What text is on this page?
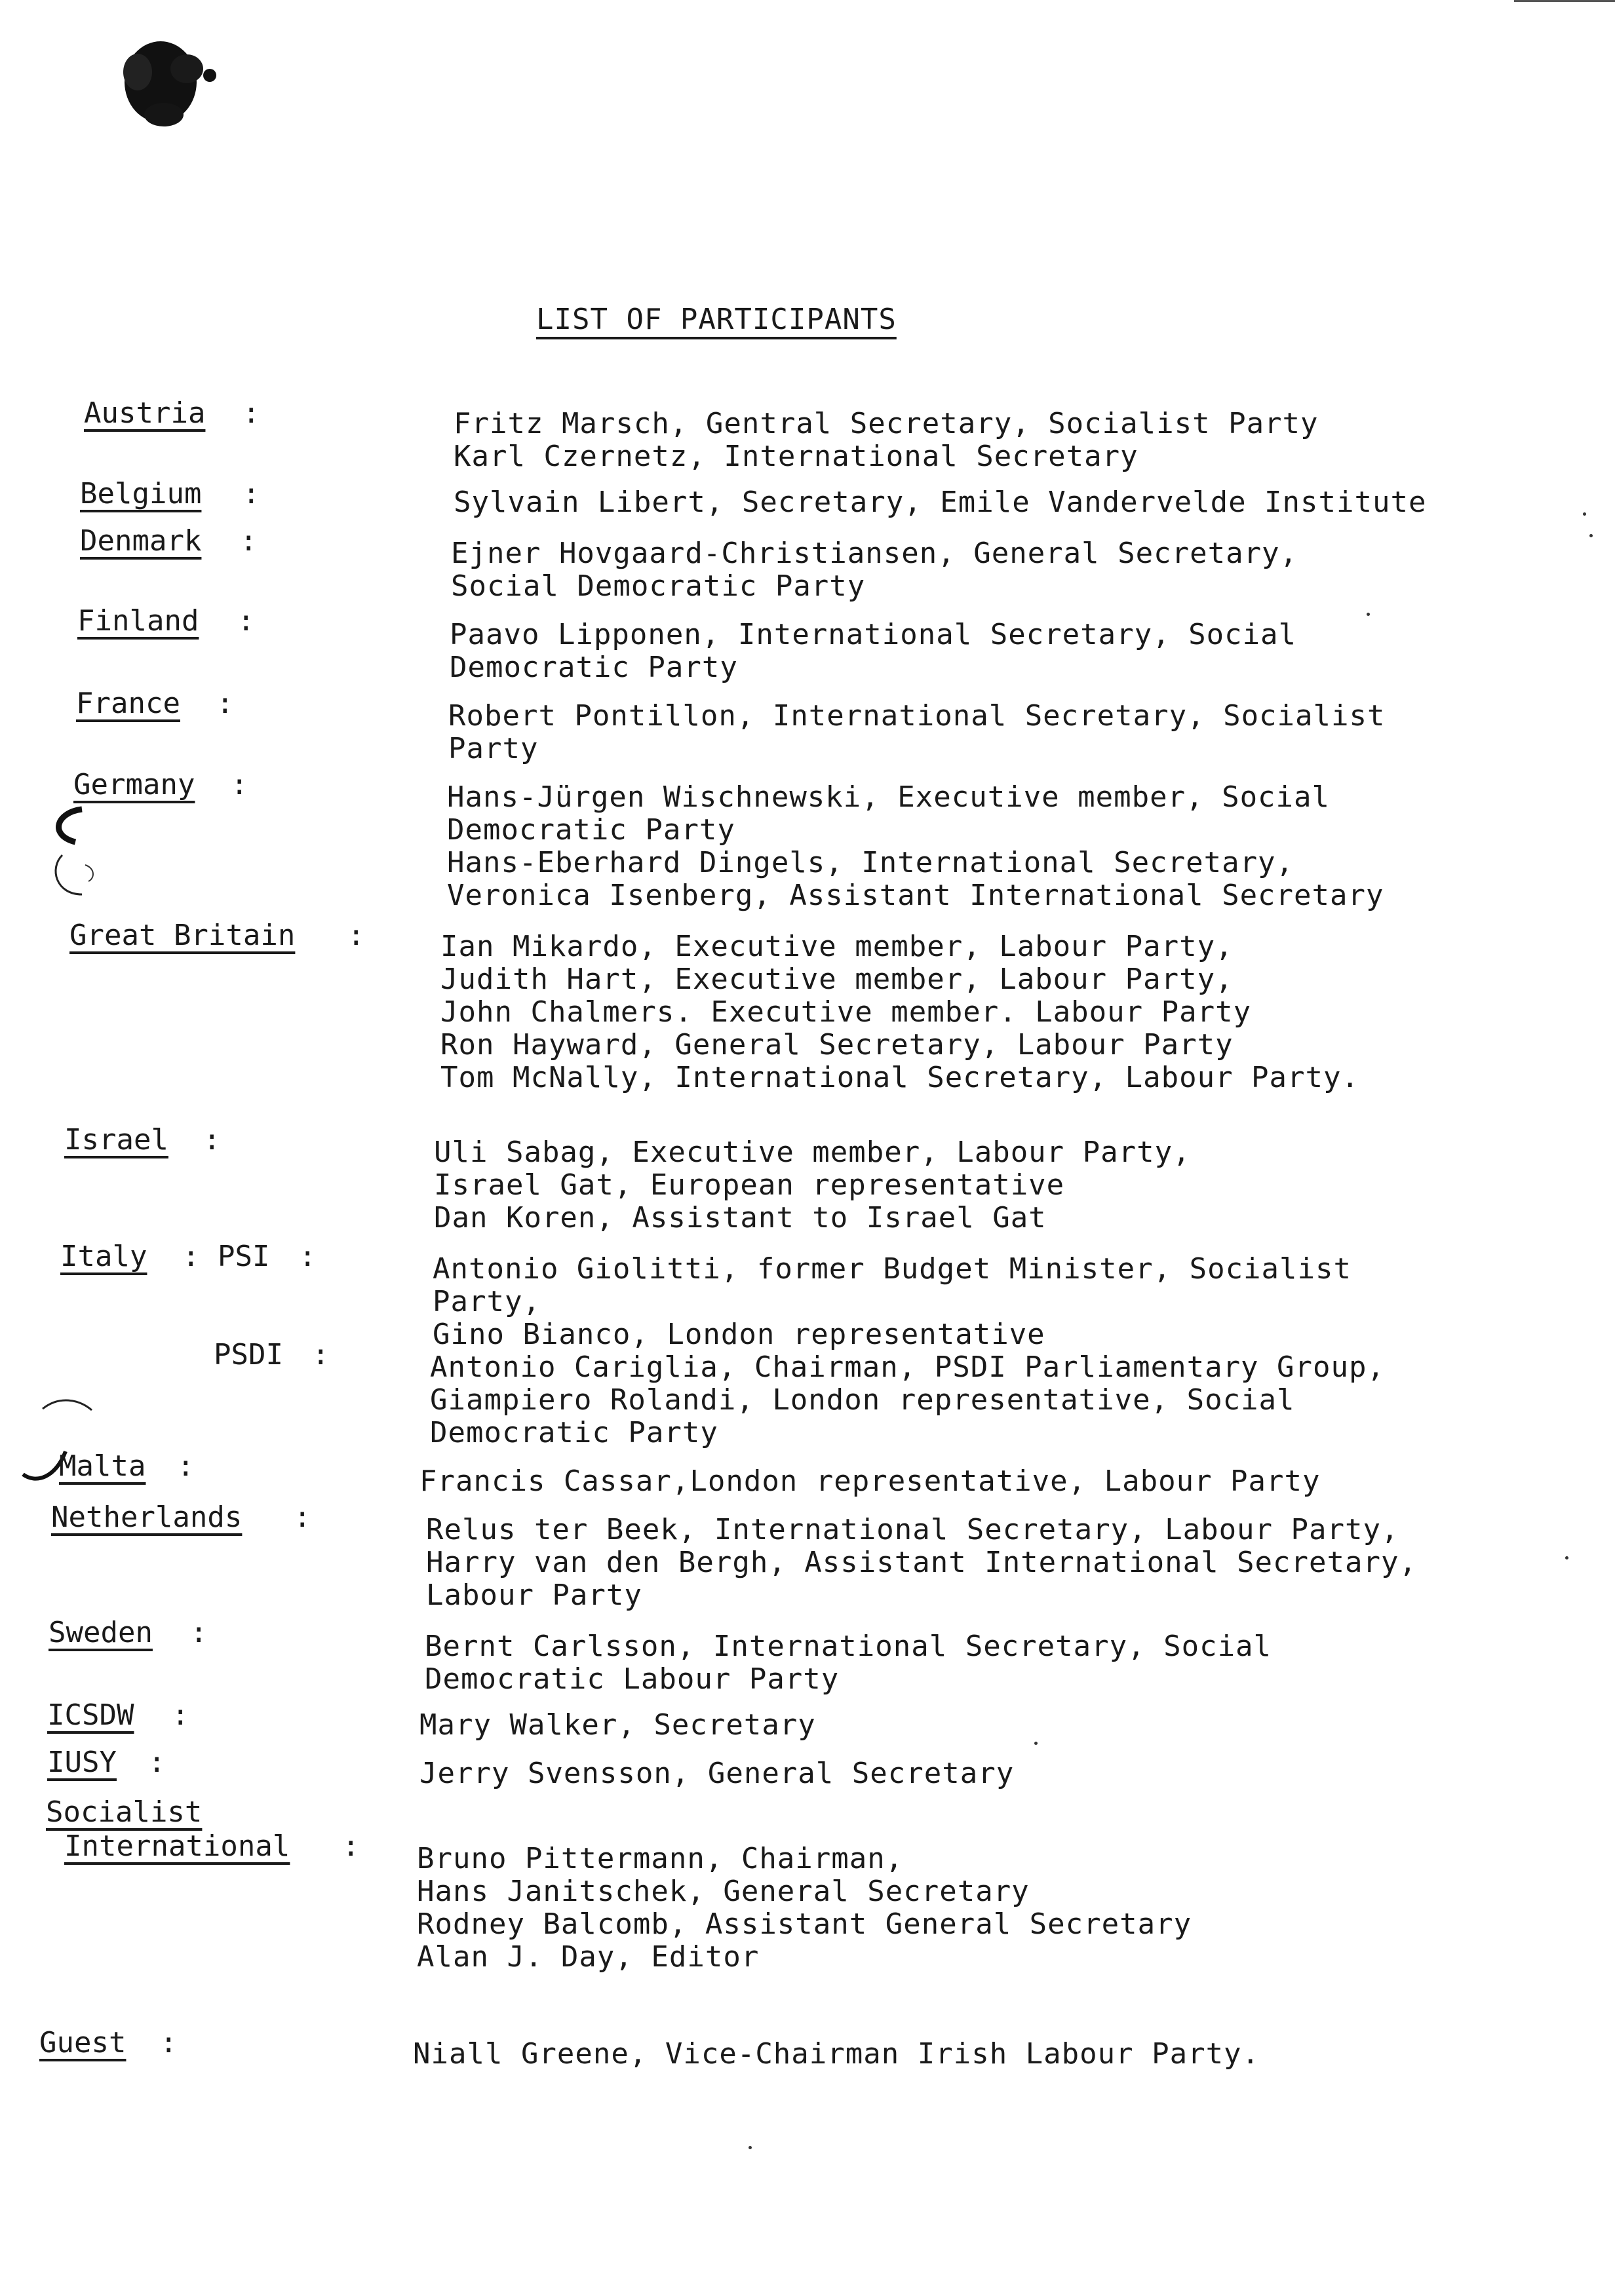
LIST OF PARTICIPANTS
Austria :	Fritz Marsch, Gentral Secretary, Socialist Party
Karl Czernetz, International Secretary
Belgium :	Sylvain Libert, Secretary, Emile Vandervelde Institute
Denmark :	Ejner Hovgaard-Christiansen, General Secretary,
Social Democratic Party
Finland :	Paavo Lipponen, International Secretary, Social
Democratic Party
France :	Robert Pontillon, International Secretary, Socialist
Party
Germany :	Hans-Jürgen Wischnewski, Executive member, Social
Democratic Party
Hans-Eberhard Dingels, International Secretary,
Veronica Isenberg, Assistant International Secretary
Great Britain :	Ian Mikardo, Executive member, Labour Party,
Judith Hart, Executive member, Labour Party,
John Chalmers. Executive member. Labour Party
Ron Hayward, General Secretary, Labour Party
Tom McNally, International Secretary, Labour Party.
Israel :	Uli Sabag, Executive member, Labour Party,
Israel Gat, European representative
Dan Koren, Assistant to Israel Gat
Italy : PSI :	Antonio Giolitti, former Budget Minister, Socialist
Party,
Gino Bianco, London representative
PSDI :	Antonio Cariglia, Chairman, PSDI Parliamentary Group,
Giampiero Rolandi, London representative, Social
Democratic Party
Malta :	Francis Cassar,London representative, Labour Party
Netherlands :	Relus ter Beek, International Secretary, Labour Party,
Harry van den Bergh, Assistant International Secretary,
Labour Party
Sweden :	Bernt Carlsson, International Secretary, Social
Democratic Labour Party
ICSDW :	Mary Walker, Secretary
IUSY :	Jerry Svensson, General Secretary
Socialist
International : Bruno Pittermann, Chairman,
Hans Janitschek, General Secretary
Rodney Balcomb, Assistant General Secretary
Alan J. Day, Editor
Guest :	Niall Greene, Vice-Chairman Irish Labour Party.
